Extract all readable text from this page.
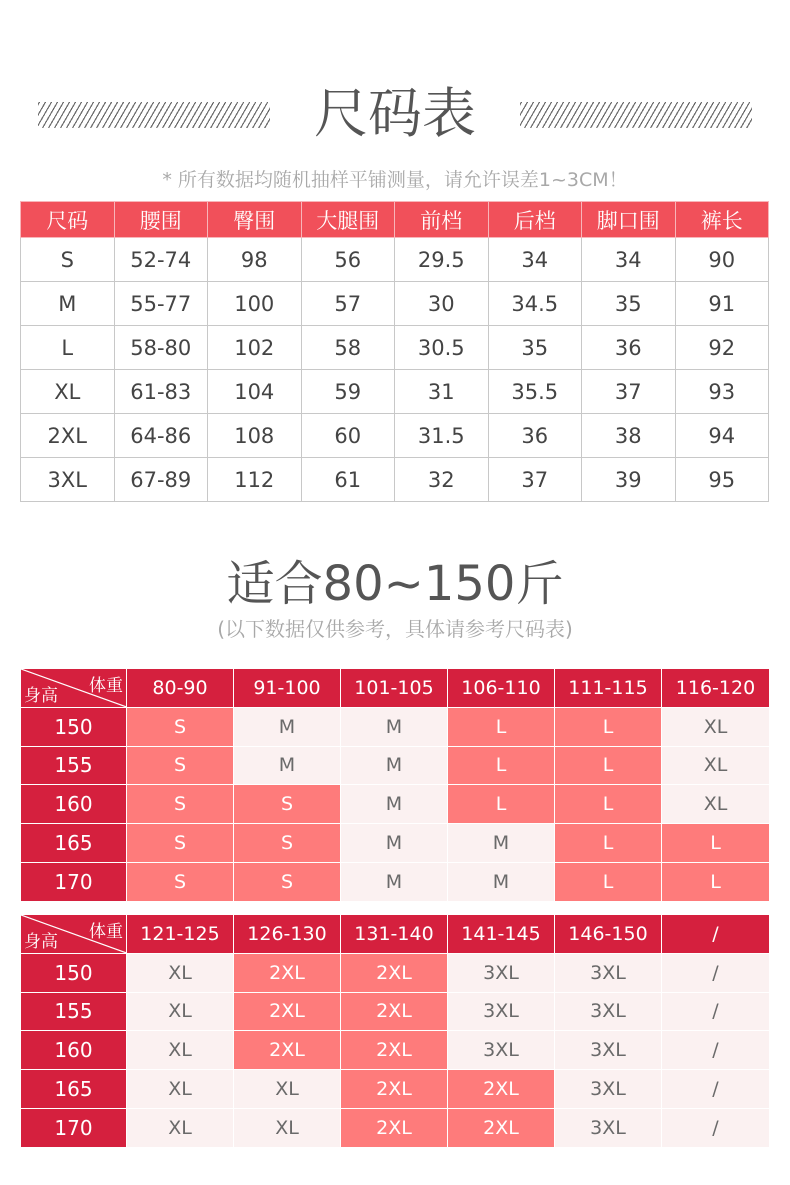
尺码表
* 所有数据均随机抽样平铺测量，请允许误差1~3CM！
尺码	腰围	臀围	大腿围	前档	后档	脚口围	裤长
S	52-74	98	56	29.5	34	34	90
M	55-77	100	57	30	34.5	35	91
L	58-80	102	58	30.5	35	36	92
XL	61-83	104	59	31	35.5	37	93
2XL	64-86	108	60	31.5	36	38	94
3XL	67-89	112	61	32	37	39	95
适合80~150斤
(以下数据仅供参考，具体请参考尺码表)
体重
身高	80-90	91-100	101-105	106-110	111-115	116-120
150	S	M	M	L	L	XL
155	S	M	M	L	L	XL
160	S	S	M	L	L	XL
165	S	S	M	M	L	L
170	S	S	M	M	L	L
体重
身高	121-125	126-130	131-140	141-145	146-150	/
150	XL	2XL	2XL	3XL	3XL	/
155	XL	2XL	2XL	3XL	3XL	/
160	XL	2XL	2XL	3XL	3XL	/
165	XL	XL	2XL	2XL	3XL	/
170	XL	XL	2XL	2XL	3XL	/
